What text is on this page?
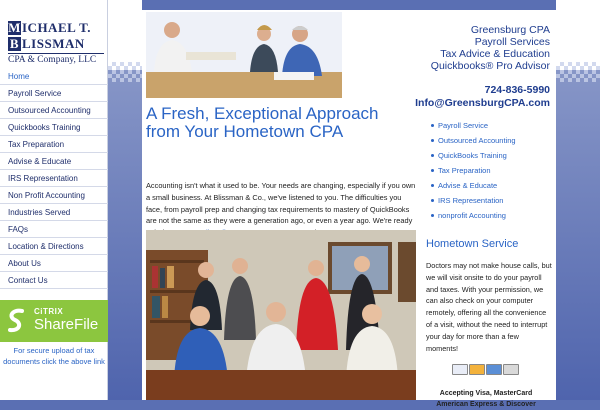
MICHAEL T.
B LISSMAN
CPA & Company, LLC
Home
Payroll Service
Outsourced Accounting
Quickbooks Training
Tax Preparation
Advise & Educate
IRS Representation
Non Profit Accounting
Industries Served
FAQs
Location & Directions
About Us
Contact Us
CiTRIX
ShareFile
For secure upload of tax documents click the above link
Greensburg CPA
Payroll Services
Tax Advice & Education
Quickbooks® Pro Advisor
724-836-5990
Info@GreensburgCPA.com
A Fresh, Exceptional Approach from Your Hometown CPA
Accounting isn't what it used to be. Your needs are changing, especially if you own a small business. At Blissman & Co., we've listened to you. The difficulties you face, from payroll prep and changing tax requirements to mastery of QuickBooks are not the same as they were a generation ago, or even a year ago. We're ready
Payroll Service
Outsourced Accounting
QuickBooks Training
Tax Preparation
Advise & Educate
IRS Representation
nonprofit Accounting
Hometown Service
Doctors may not make house calls, but we will visit onsite to do your payroll and taxes. With your permission, we can also check on your computer remotely, offering all the convenience of a visit, without the need to interrupt your day for more than a few moments!
Accepting Visa, MasterCard
American Express & Discover
